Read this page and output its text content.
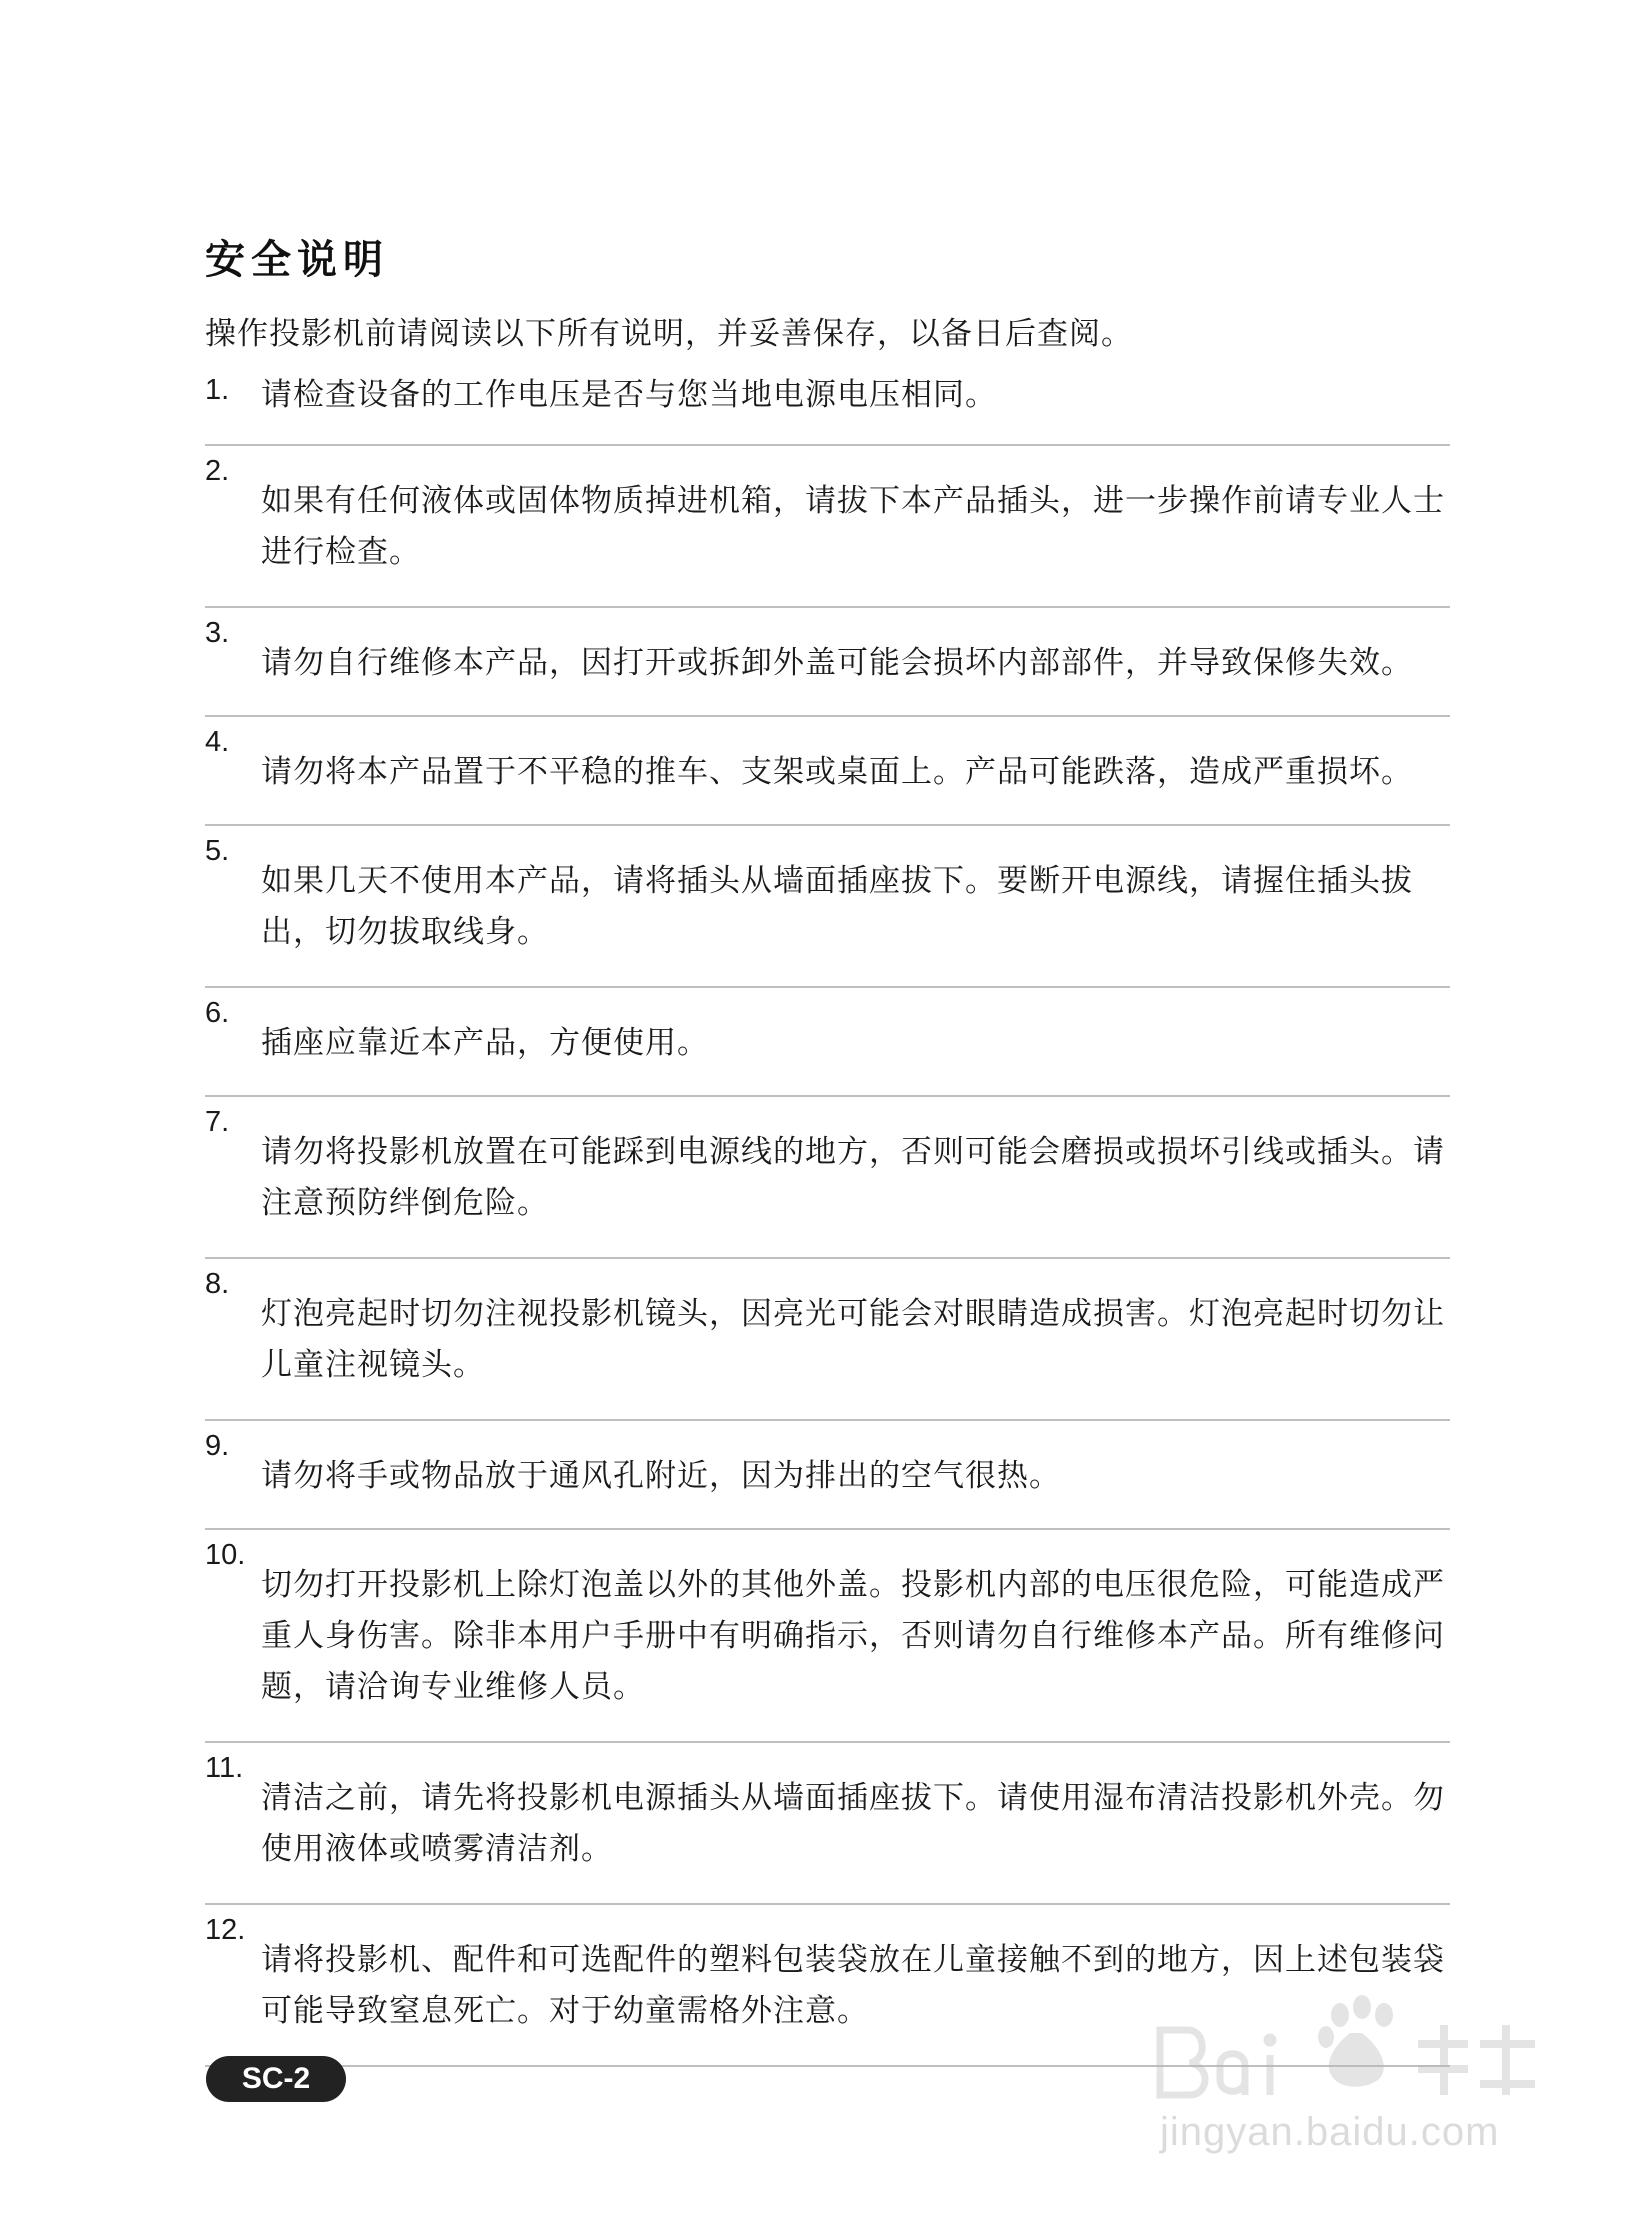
安全说明

操作投影机前请阅读以下所有说明，并妥善保存，以备日后查阅。

1. 请检查设备的工作电压是否与您当地电源电压相同。
2.
如果有任何液体或固体物质掉进机箱，请拔下本产品插头，进一步操作前请专业人士进行检查。
3.
请勿自行维修本产品，因打开或拆卸外盖可能会损坏内部部件，并导致保修失效。
4.
请勿将本产品置于不平稳的推车、支架或桌面上。产品可能跌落，造成严重损坏。
5.
如果几天不使用本产品，请将插头从墙面插座拔下。要断开电源线，请握住插头拔出，切勿拔取线身。
6.
插座应靠近本产品，方便使用。
7.
请勿将投影机放置在可能踩到电源线的地方，否则可能会磨损或损坏引线或插头。请注意预防绊倒危险。
8.
灯泡亮起时切勿注视投影机镜头，因亮光可能会对眼睛造成损害。灯泡亮起时切勿让儿童注视镜头。
9.
请勿将手或物品放于通风孔附近，因为排出的空气很热。
10.
切勿打开投影机上除灯泡盖以外的其他外盖。投影机内部的电压很危险，可能造成严重人身伤害。除非本用户手册中有明确指示，否则请勿自行维修本产品。所有维修问题，请洽询专业维修人员。
11.
清洁之前，请先将投影机电源插头从墙面插座拔下。请使用湿布清洁投影机外壳。勿使用液体或喷雾清洁剂。
12.
请将投影机、配件和可选配件的塑料包装袋放在儿童接触不到的地方，因上述包装袋可能导致窒息死亡。对于幼童需格外注意。
SC-2
jingyan.baidu.com
